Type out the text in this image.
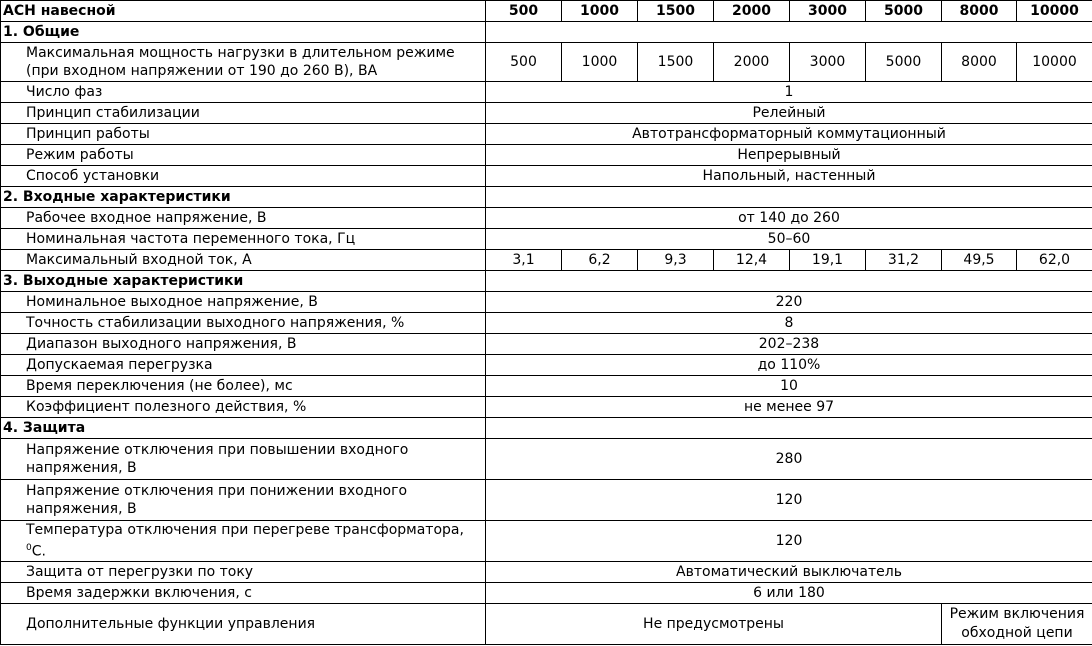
АСН навесной	500	1000	1500	2000	3000	5000	8000	10000
1. Общие								
Максимальная мощность нагрузки в длительном режиме (при входном напряжении от 190 до 260 В), ВА	500	1000	1500	2000	3000	5000	8000	10000
Число фаз	1							
Принцип стабилизации	Релейный							
Принцип работы	Автотрансформаторный коммутационный							
Режим работы	Непрерывный							
Способ установки	Напольный, настенный							
2. Входные характеристики								
Рабочее входное напряжение, В	от 140 до 260							
Номинальная частота переменного тока, Гц	50–60							
Максимальный входной ток, А	3,1	6,2	9,3	12,4	19,1	31,2	49,5	62,0
3. Выходные характеристики								
Номинальное выходное напряжение, В	220							
Точность стабилизации выходного напряжения, %	8							
Диапазон выходного напряжения, В	202–238							
Допускаемая перегрузка	до 110%							
Время переключения (не более), мс	10							
Коэффициент полезного действия, %	не менее 97							
4. Защита								
Напряжение отключения при повышении входного напряжения, В	280							
Напряжение отключения при понижении входного напряжения, В	120							
Температура отключения при перегреве трансформатора, $^0$С.	120							
Защита от перегрузки по току	Автоматический выключатель							
Время задержки включения, с	6 или 180							
Дополнительные функции управления	Не предусмотрены						Режим включения обходной цепи	
